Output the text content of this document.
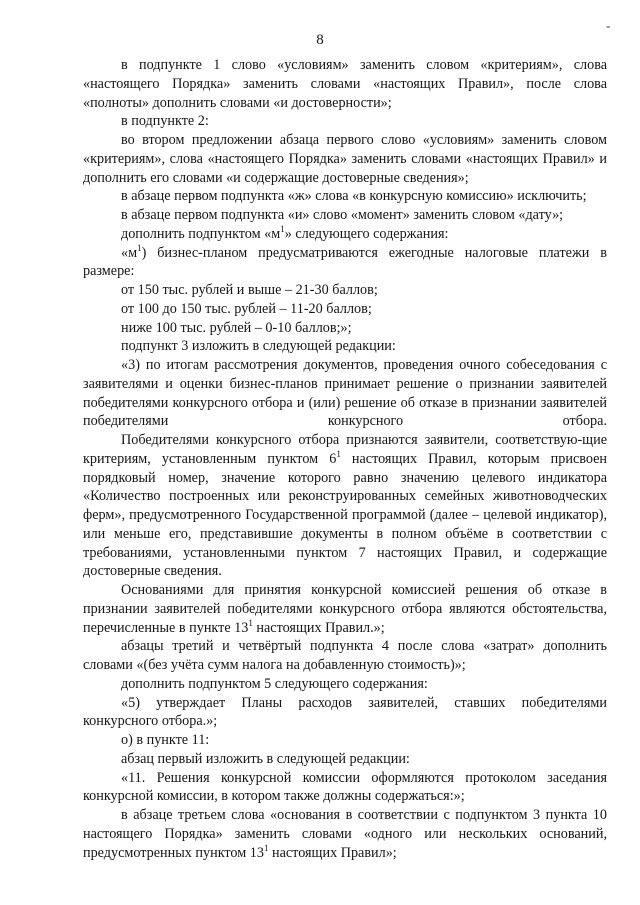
-
8

в подпункте 1 слово «условиям» заменить словом «критериям», слова «настоящего Порядка» заменить словами «настоящих Правил», после слова «полноты» дополнить словами «и достоверности»;

в подпункте 2:

во втором предложении абзаца первого слово «условиям» заменить словом «критериям», слова «настоящего Порядка» заменить словами «настоящих Правил» и дополнить его словами «и содержащие достоверные сведения»;

в абзаце первом подпункта «ж» слова «в конкурсную комиссию» исключить;

в абзаце первом подпункта «и» слово «момент» заменить словом «дату»;

дополнить подпунктом «$м^1$» следующего содержания:

«$м^1$) бизнес-планом предусматриваются ежегодные налоговые платежи в размере:

от 150 тыс. рублей и выше – 21-30 баллов;

от 100 до 150 тыс. рублей – 11-20 баллов;

ниже 100 тыс. рублей – 0-10 баллов;»;

подпункт 3 изложить в следующей редакции:

«3) по итогам рассмотрения документов, проведения очного собеседования с заявителями и оценки бизнес-планов принимает решение о признании заявителей победителями конкурсного отбора и (или) решение об отказе в признании заявителей победителями конкурсного отбора.

Победителями конкурсного отбора признаются заявители, соответствую-щие критериям, установленным пунктом $6^1$ настоящих Правил, которым присвоен порядковый номер, значение которого равно значению целевого индикатора «Количество построенных или реконструированных семейных животноводческих ферм», предусмотренного Государственной программой (далее – целевой индикатор), или меньше его, представившие документы в полном объёме в соответствии с требованиями, установленными пунктом 7 настоящих Правил, и содержащие достоверные сведения.

Основаниями для принятия конкурсной комиссией решения об отказе в признании заявителей победителями конкурсного отбора являются обстоятельства, перечисленные в пункте $13^1$ настоящих Правил.»;

абзацы третий и четвёртый подпункта 4 после слова «затрат» дополнить словами «(без учёта сумм налога на добавленную стоимость)»;

дополнить подпунктом 5 следующего содержания:

«5) утверждает Планы расходов заявителей, ставших победителями конкурсного отбора.»;

о) в пункте 11:

абзац первый изложить в следующей редакции:

«11. Решения конкурсной комиссии оформляются протоколом заседания конкурсной комиссии, в котором также должны содержаться:»;

в абзаце третьем слова «основания в соответствии с подпунктом 3 пункта 10 настоящего Порядка» заменить словами «одного или нескольких оснований, предусмотренных пунктом $13^1$ настоящих Правил»;
